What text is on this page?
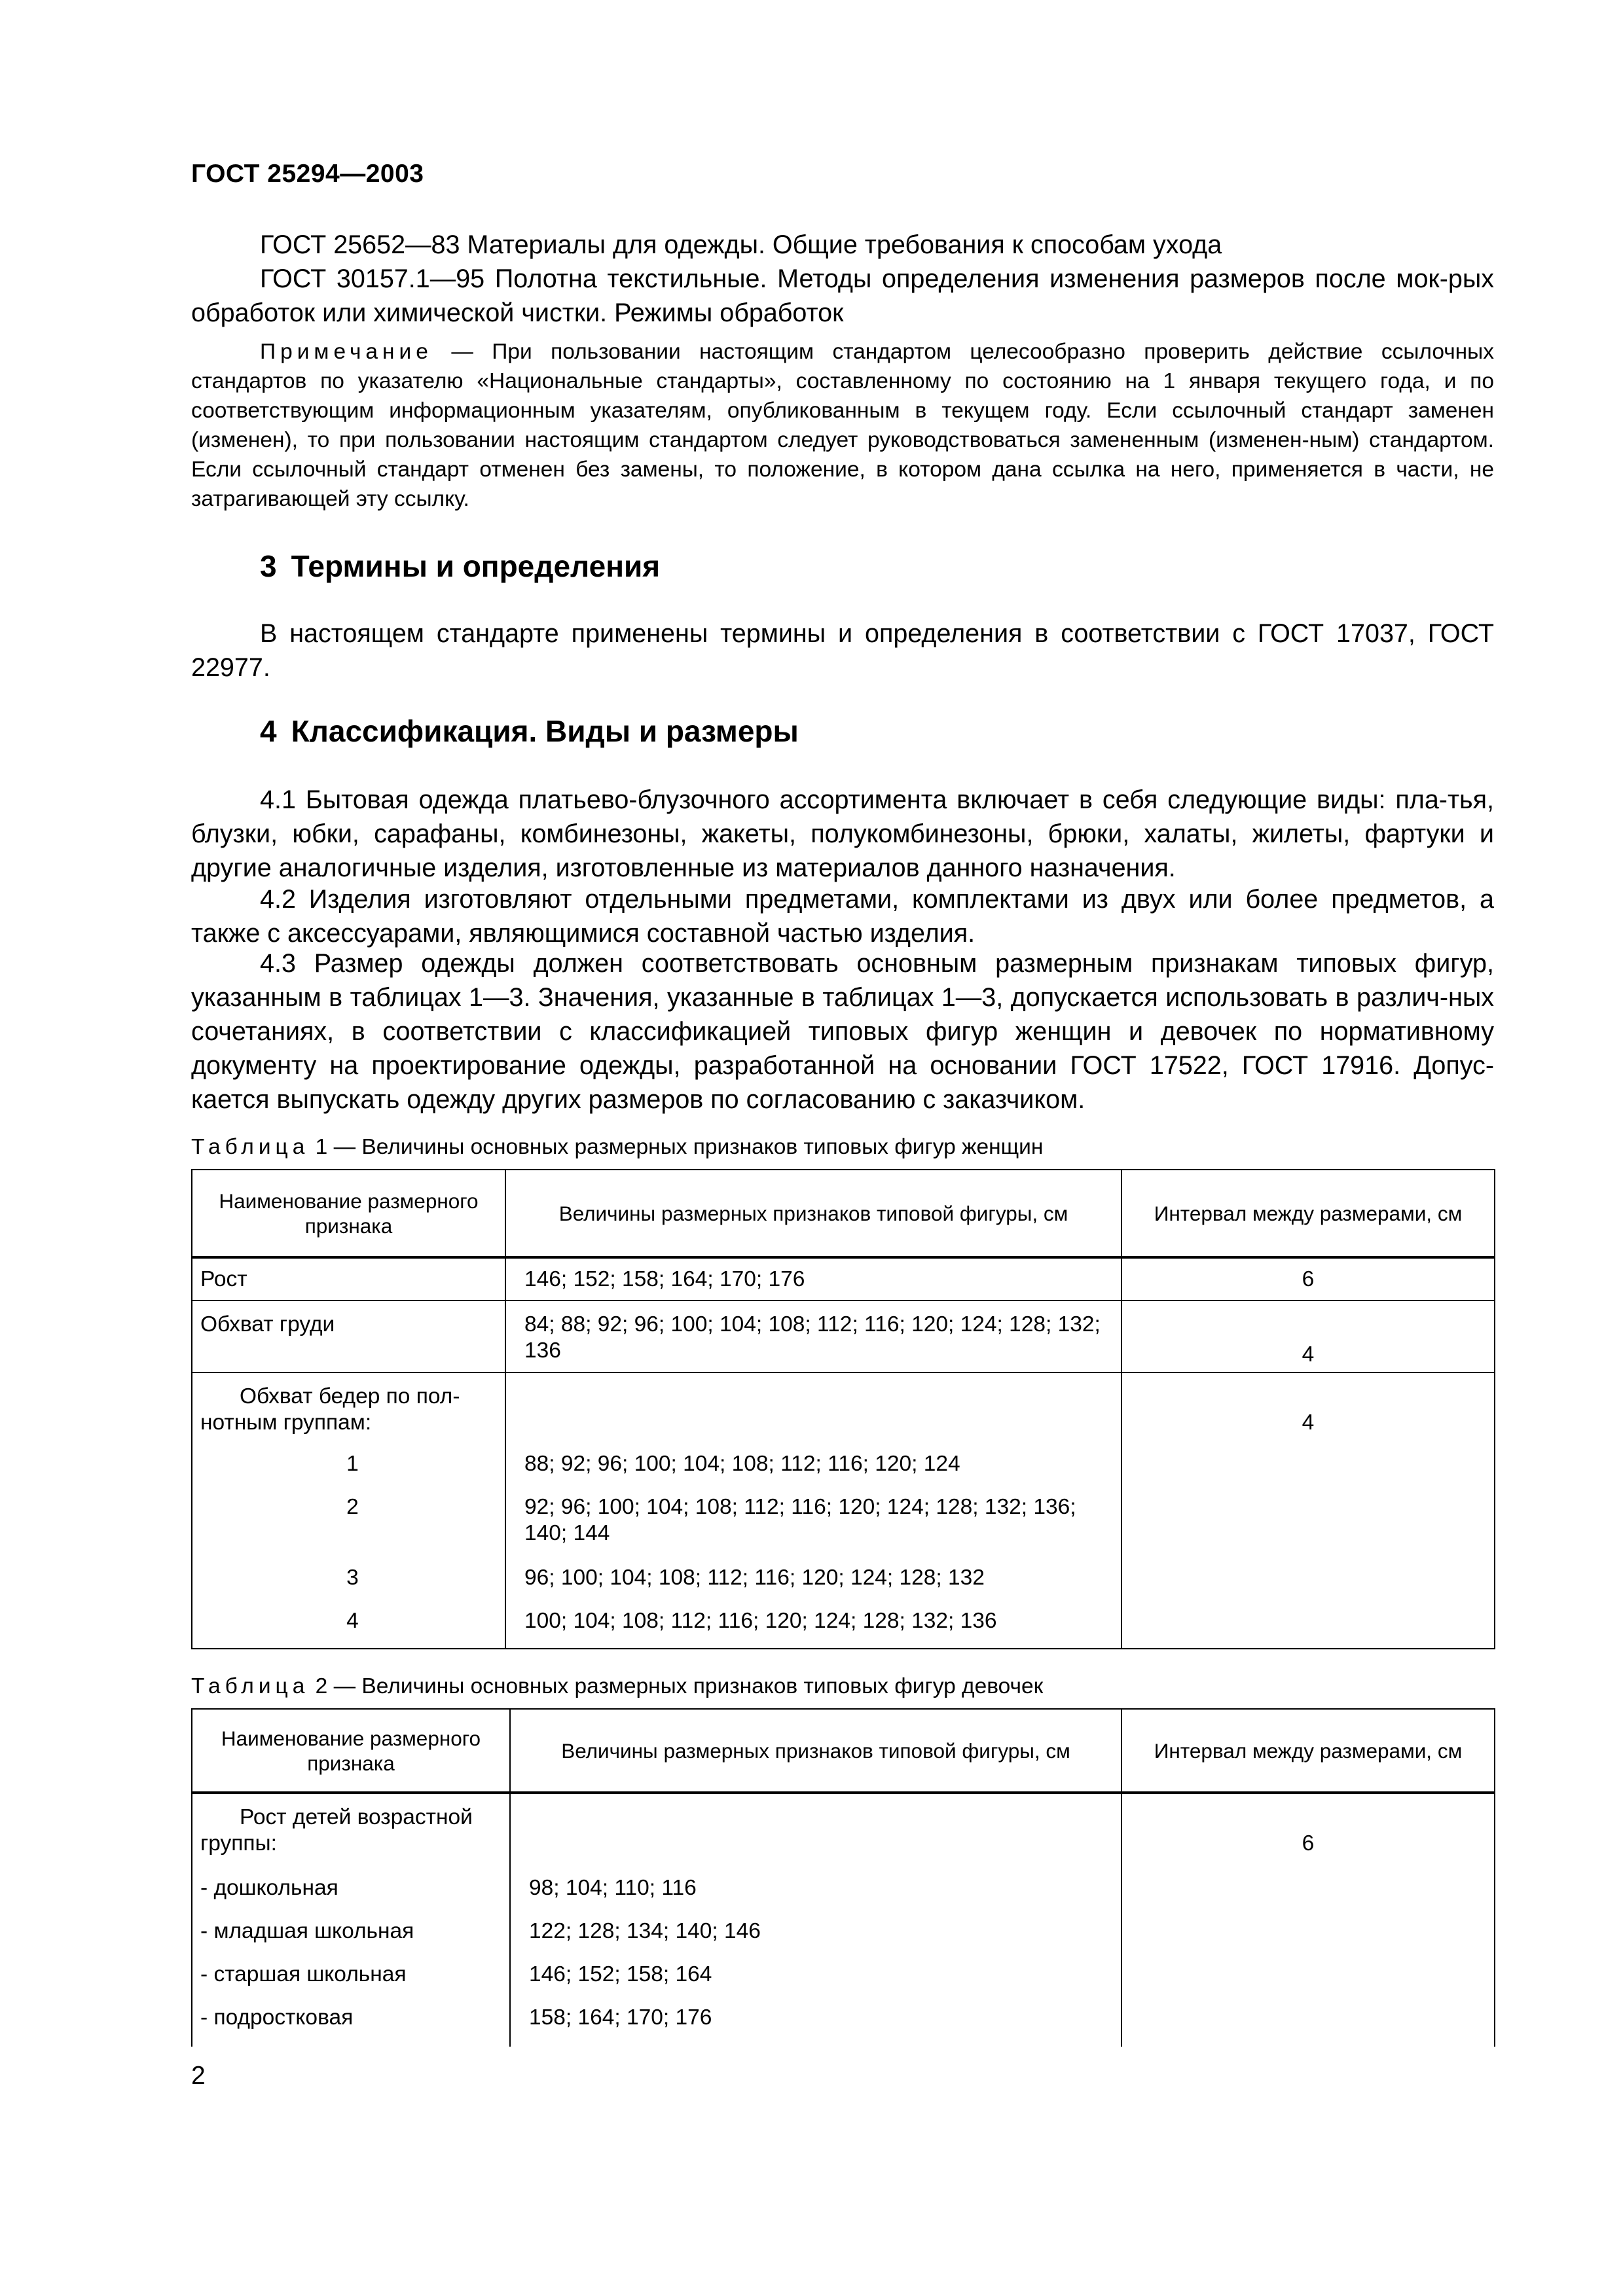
ГОСТ 25294—2003
ГОСТ 25652—83 Материалы для одежды. Общие требования к способам ухода
ГОСТ 30157.1—95 Полотна текстильные. Методы определения изменения размеров после мок-рых обработок или химической чистки. Режимы обработок
Примечание — При пользовании настоящим стандартом целесообразно проверить действие ссылочных стандартов по указателю «Национальные стандарты», составленному по состоянию на 1 января текущего года, и по соответствующим информационным указателям, опубликованным в текущем году. Если ссылочный стандарт заменен (изменен), то при пользовании настоящим стандартом следует руководствоваться замененным (изменен-ным) стандартом. Если ссылочный стандарт отменен без замены, то положение, в котором дана ссылка на него, применяется в части, не затрагивающей эту ссылку.
3 Термины и определения
В настоящем стандарте применены термины и определения в соответствии с ГОСТ 17037, ГОСТ 22977.
4 Классификация. Виды и размеры
4.1 Бытовая одежда платьево-блузочного ассортимента включает в себя следующие виды: пла-тья, блузки, юбки, сарафаны, комбинезоны, жакеты, полукомбинезоны, брюки, халаты, жилеты, фартуки и другие аналогичные изделия, изготовленные из материалов данного назначения.
4.2 Изделия изготовляют отдельными предметами, комплектами из двух или более предметов, а также с аксессуарами, являющимися составной частью изделия.
4.3 Размер одежды должен соответствовать основным размерным признакам типовых фигур, указанным в таблицах 1—3. Значения, указанные в таблицах 1—3, допускается использовать в различ-ных сочетаниях, в соответствии с классификацией типовых фигур женщин и девочек по нормативному документу на проектирование одежды, разработанной на основании ГОСТ 17522, ГОСТ 17916. Допус-кается выпускать одежду других размеров по согласованию с заказчиком.
Таблица 1 — Величины основных размерных признаков типовых фигур женщин
Наименование размерного признака	Величины размерных признаков типовой фигуры, см	Интервал между размерами, см
Рост	146; 152; 158; 164; 170; 176	6
Обхват груди	84; 88; 92; 96; 100; 104; 108; 112; 116; 120; 124; 128; 132; 136	4
Обхват бедер по пол-нотным группам:		4
1	88; 92; 96; 100; 104; 108; 112; 116; 120; 124	
2	92; 96; 100; 104; 108; 112; 116; 120; 124; 128; 132; 136; 140; 144	
3	96; 100; 104; 108; 112; 116; 120; 124; 128; 132	
4	100; 104; 108; 112; 116; 120; 124; 128; 132; 136	
Таблица 2 — Величины основных размерных признаков типовых фигур девочек
Наименование размерного признака	Величины размерных признаков типовой фигуры, см	Интервал между размерами, см
Рост детей возрастной группы:		6
- дошкольная	98; 104; 110; 116	
- младшая школьная	122; 128; 134; 140; 146	
- старшая школьная	146; 152; 158; 164	
- подростковая	158; 164; 170; 176	
2
